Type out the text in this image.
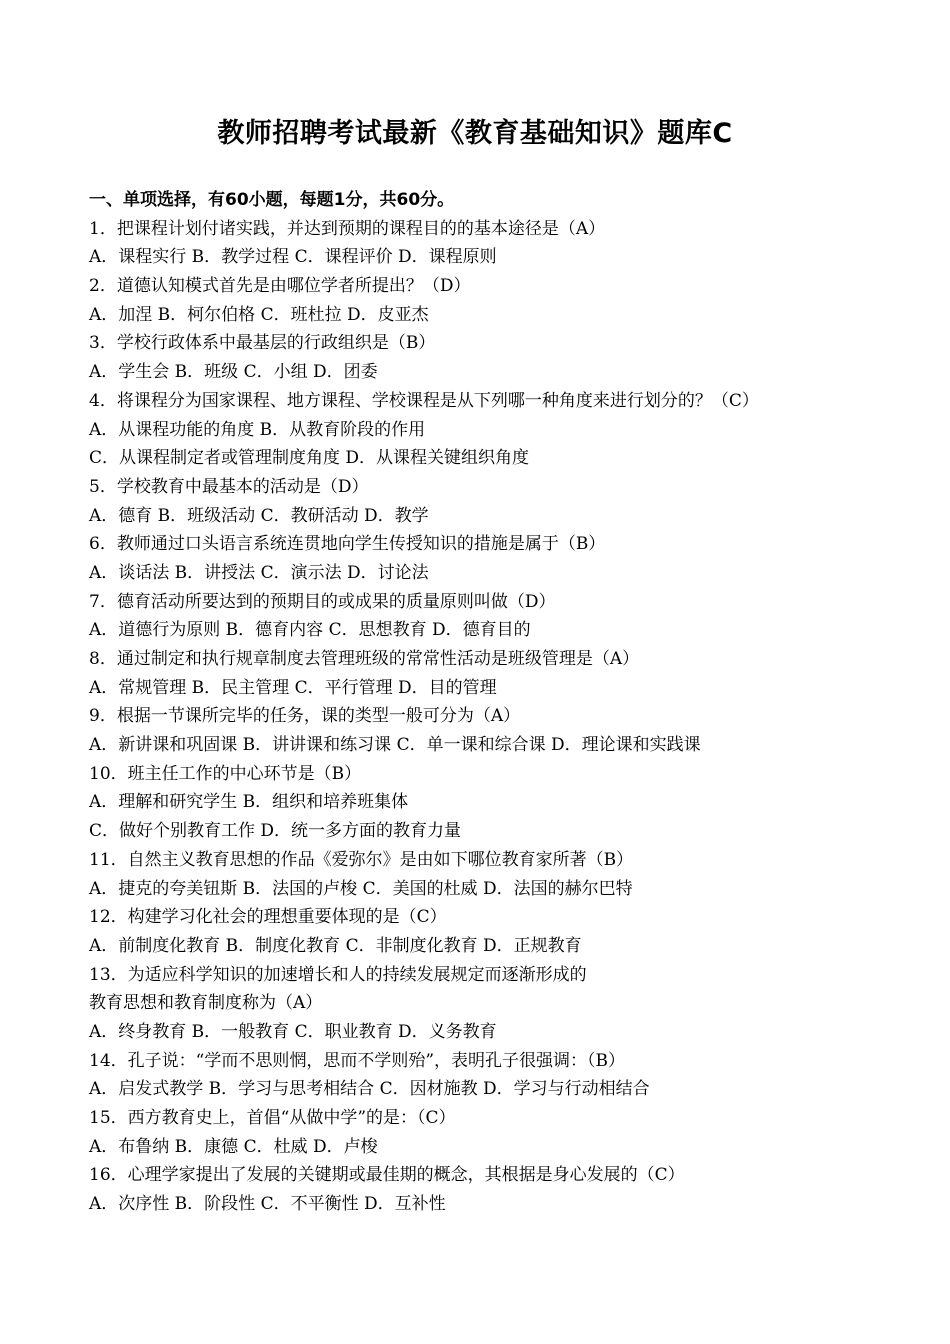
教师招聘考试最新《教育基础知识》题库C
一、单项选择，有60小题，每题1分，共60分。
1．把课程计划付诸实践，并达到预期的课程目的的基本途径是（A）
A．课程实行 B．教学过程 C．课程评价 D．课程原则
2．道德认知模式首先是由哪位学者所提出？（D）
A．加涅 B．柯尔伯格 C．班杜拉 D．皮亚杰
3．学校行政体系中最基层的行政组织是（B）
A．学生会 B．班级 C．小组 D．团委
4．将课程分为国家课程、地方课程、学校课程是从下列哪一种角度来进行划分的？（C）
A．从课程功能的角度 B．从教育阶段的作用
C．从课程制定者或管理制度角度 D．从课程关键组织角度
5．学校教育中最基本的活动是（D）
A．德育 B．班级活动 C．教研活动 D．教学
6．教师通过口头语言系统连贯地向学生传授知识的措施是属于（B）
A．谈话法 B．讲授法 C．演示法 D．讨论法
7．德育活动所要达到的预期目的或成果的质量原则叫做（D）
A．道德行为原则 B．德育内容 C．思想教育 D．德育目的
8．通过制定和执行规章制度去管理班级的常常性活动是班级管理是（A）
A．常规管理 B．民主管理 C．平行管理 D．目的管理
9．根据一节课所完毕的任务，课的类型一般可分为（A）
A．新讲课和巩固课 B．讲讲课和练习课 C．单一课和综合课 D．理论课和实践课
10．班主任工作的中心环节是（B）
A．理解和研究学生 B．组织和培养班集体
C．做好个别教育工作 D．统一多方面的教育力量
11．自然主义教育思想的作品《爱弥尔》是由如下哪位教育家所著（B）
A．捷克的夸美钮斯 B．法国的卢梭 C．美国的杜威 D．法国的赫尔巴特
12．构建学习化社会的理想重要体现的是（C）
A．前制度化教育 B．制度化教育 C．非制度化教育 D．正规教育
13．为适应科学知识的加速增长和人的持续发展规定而逐渐形成的
教育思想和教育制度称为（A）
A．终身教育 B．一般教育 C．职业教育 D．义务教育
14．孔子说：“学而不思则惘，思而不学则殆”，表明孔子很强调：（B）
A．启发式教学 B．学习与思考相结合 C．因材施教 D．学习与行动相结合
15．西方教育史上，首倡“从做中学”的是：（C）
A．布鲁纳 B．康德 C．杜威 D．卢梭
16．心理学家提出了发展的关键期或最佳期的概念，其根据是身心发展的（C）
A．次序性 B．阶段性 C．不平衡性 D．互补性
